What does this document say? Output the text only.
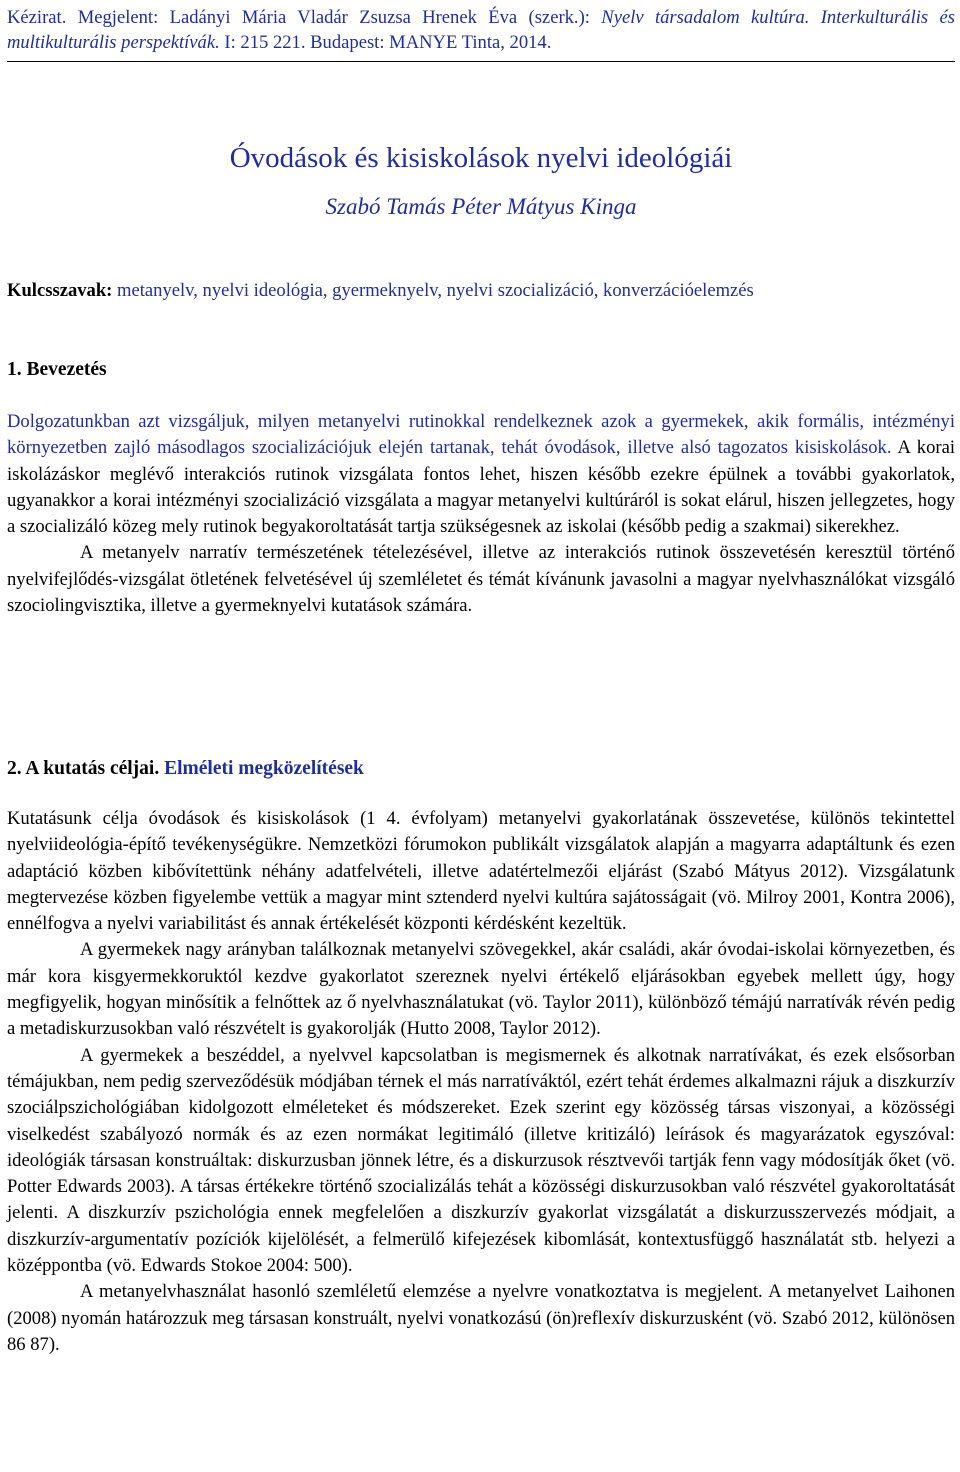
Kézirat. Megjelent: Ladányi Mária Vladár Zsuzsa Hrenek Éva (szerk.): Nyelv társadalom kultúra. Interkulturális és multikulturális perspektívák. I: 215 221. Budapest: MANYE Tinta, 2014.

Óvodások és kisiskolások nyelvi ideológiái
Szabó Tamás Péter Mátyus Kinga

Kulcsszavak: metanyelv, nyelvi ideológia, gyermeknyelv, nyelvi szocializáció, konverzációelemzés

1. Bevezetés

Dolgozatunkban azt vizsgáljuk, milyen metanyelvi rutinokkal rendelkeznek azok a gyermekek, akik formális, intézményi környezetben zajló másodlagos szocializációjuk elején tartanak, tehát óvodások, illetve alsó tagozatos kisiskolások. A korai iskolázáskor meglévő interakciós rutinok vizsgálata fontos lehet, hiszen később ezekre épülnek a további gyakorlatok, ugyanakkor a korai intézményi szocializáció vizsgálata a magyar metanyelvi kultúráról is sokat elárul, hiszen jellegzetes, hogy a szocializáló közeg mely rutinok begyakoroltatását tartja szükségesnek az iskolai (később pedig a szakmai) sikerekhez.

A metanyelv narratív természetének tételezésével, illetve az interakciós rutinok összevetésén keresztül történő nyelvifejlődés-vizsgálat ötletének felvetésével új szemléletet és témát kívánunk javasolni a magyar nyelvhasználókat vizsgáló szociolingvisztika, illetve a gyermeknyelvi kutatások számára.

2. A kutatás céljai. Elméleti megközelítések

Kutatásunk célja óvodások és kisiskolások (1 4. évfolyam) metanyelvi gyakorlatának összevetése, különös tekintettel nyelviideológia-építő tevékenységükre. Nemzetközi fórumokon publikált vizsgálatok alapján a magyarra adaptáltunk és ezen adaptáció közben kibővítettünk néhány adatfelvételi, illetve adatértelmezői eljárást (Szabó Mátyus 2012). Vizsgálatunk megtervezése közben figyelembe vettük a magyar mint sztenderd nyelvi kultúra sajátosságait (vö. Milroy 2001, Kontra 2006), ennélfogva a nyelvi variabilitást és annak értékelését központi kérdésként kezeltük.

A gyermekek nagy arányban találkoznak metanyelvi szövegekkel, akár családi, akár óvodai-iskolai környezetben, és már kora kisgyermekkoruktól kezdve gyakorlatot szereznek nyelvi értékelő eljárásokban egyebek mellett úgy, hogy megfigyelik, hogyan minősítik a felnőttek az ő nyelvhasználatukat (vö. Taylor 2011), különböző témájú narratívák révén pedig a metadiskurzusokban való részvételt is gyakorolják (Hutto 2008, Taylor 2012).

A gyermekek a beszéddel, a nyelvvel kapcsolatban is megismernek és alkotnak narratívákat, és ezek elsősorban témájukban, nem pedig szerveződésük módjában térnek el más narratíváktól, ezért tehát érdemes alkalmazni rájuk a diszkurzív szociálpszichológiában kidolgozott elméleteket és módszereket. Ezek szerint egy közösség társas viszonyai, a közösségi viselkedést szabályozó normák és az ezen normákat legitimáló (illetve kritizáló) leírások és magyarázatok egyszóval: ideológiák társasan konstruáltak: diskurzusban jönnek létre, és a diskurzusok résztvevői tartják fenn vagy módosítják őket (vö. Potter Edwards 2003). A társas értékekre történő szocializálás tehát a közösségi diskurzusokban való részvétel gyakoroltatását jelenti. A diszkurzív pszichológia ennek megfelelően a diszkurzív gyakorlat vizsgálatát a diskurzusszervezés módjait, a diszkurzív-argumentatív pozíciók kijelölését, a felmerülő kifejezések kibomlását, kontextusfüggő használatát stb. helyezi a középpontba (vö. Edwards Stokoe 2004: 500).

A metanyelvhasználat hasonló szemléletű elemzése a nyelvre vonatkoztatva is megjelent. A metanyelvet Laihonen (2008) nyomán határozzuk meg társasan konstruált, nyelvi vonatkozású (ön)reflexív diskurzusként (vö. Szabó 2012, különösen 86 87).
